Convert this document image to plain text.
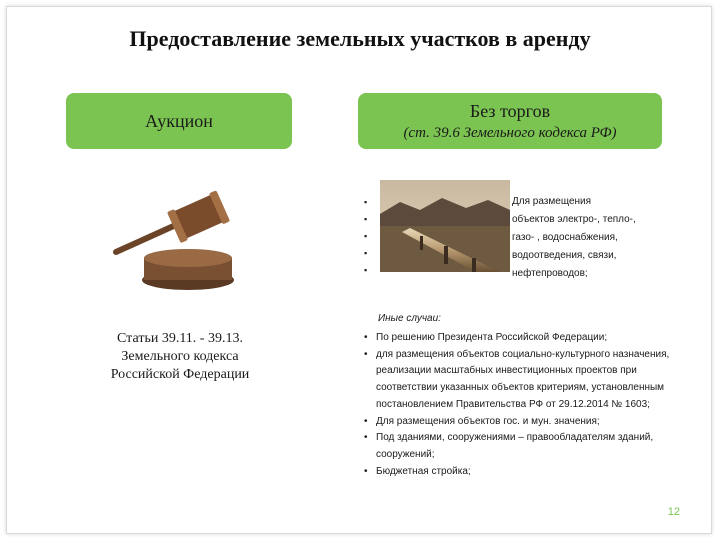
Предоставление земельных участков в аренду
Аукцион	Без торгов
(ст. 39.6 Земельного кодекса РФ)
Статьи 39.11. - 39.13.
Земельного кодекса
Российской Федерации
▪
▪
▪
▪
▪
Для размещения
объектов электро-, тепло-,
газо- , водоснабжения,
водоотведения, связи,
нефтепроводов;
Иные случаи:
• По решению Президента Российской Федерации;
• для размещения объектов социально-культурного назначения, реализации масштабных инвестиционных проектов при соответствии указанных объектов критериям, установленным постановлением Правительства РФ от 29.12.2014 № 1603;
• Для размещения объектов гос. и мун. значения;
• Под зданиями, сооружениями – правообладателям зданий, сооружений;
• Бюджетная стройка;
12
